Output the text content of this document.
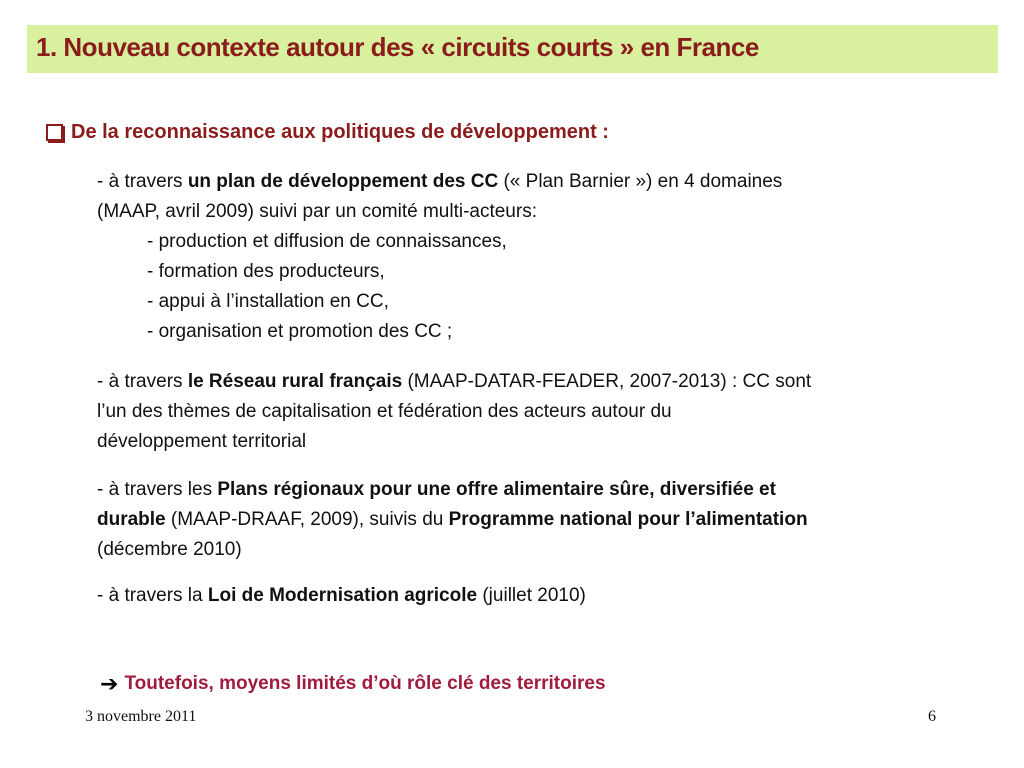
1. Nouveau contexte autour des « circuits courts » en France
De la reconnaissance aux politiques de développement :
- à travers un plan de développement des CC (« Plan Barnier ») en 4 domaines
(MAAP, avril 2009) suivi par un comité multi-acteurs:
- production et diffusion de connaissances,
- formation des producteurs,
- appui à l’installation en CC,
- organisation et promotion des CC ;
- à travers le Réseau rural français (MAAP-DATAR-FEADER, 2007-2013) : CC sont
l’un des thèmes de capitalisation et fédération des acteurs autour du
développement territorial
- à travers les Plans régionaux pour une offre alimentaire sûre, diversifiée et
durable (MAAP-DRAAF, 2009), suivis du Programme national pour l’alimentation
(décembre 2010)
- à travers la Loi de Modernisation agricole (juillet 2010)
➔ Toutefois, moyens limités d’où rôle clé des territoires
3 novembre 2011	6
